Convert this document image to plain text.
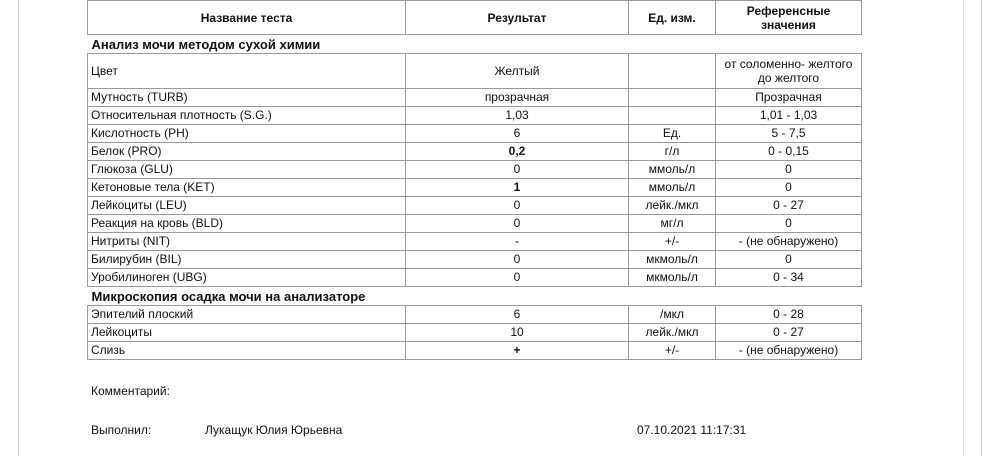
Название теста	Результат	Ед. изм.	Референсные значения
Анализ мочи методом сухой химии			
Цвет	Желтый		от соломенно- желтого до желтого
Мутность (TURB)	прозрачная		Прозрачная
Относительная плотность (S.G.)	1,03		1,01 - 1,03
Кислотность (PH)	6	Ед.	5 - 7,5
Белок (PRO)	0,2	г/л	0 - 0,15
Глюкоза (GLU)	0	ммоль/л	0
Кетоновые тела (KET)	1	ммоль/л	0
Лейкоциты (LEU)	0	лейк./мкл	0 - 27
Реакция на кровь (BLD)	0	мг/л	0
Нитриты (NIT)	-	+/-	- (не обнаружено)
Билирубин (BIL)	0	мкмоль/л	0
Уробилиноген (UBG)	0	мкмоль/л	0 - 34
Микроскопия осадка мочи на анализаторе			
Эпителий плоский	6	/мкл	0 - 28
Лейкоциты	10	лейк./мкл	0 - 27
Слизь	+	+/-	- (не обнаружено)
Комментарий:
Выполнил:	Лукащук Юлия Юрьевна	07.10.2021 11:17:31
